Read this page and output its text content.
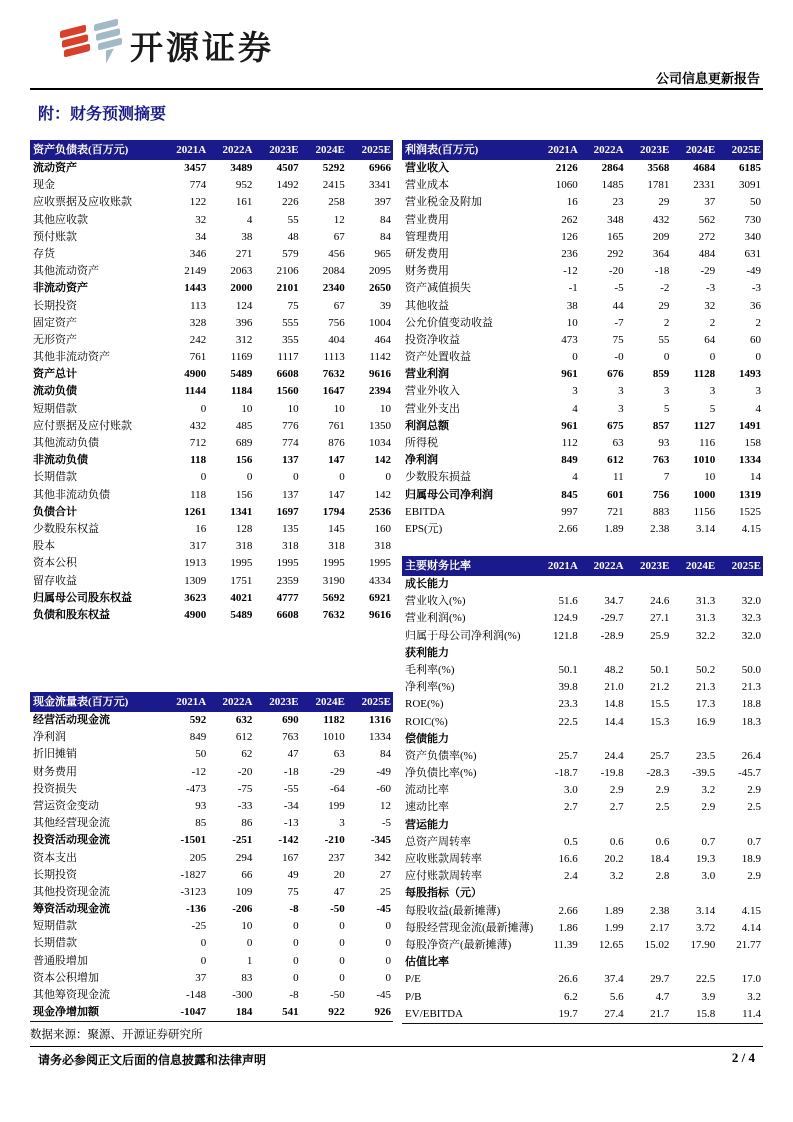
开源证券
公司信息更新报告
附：财务预测摘要
资产负债表(百万元)	2021A	2022A	2023E	2024E	2025E
流动资产	3457	3489	4507	5292	6966
现金	774	952	1492	2415	3341
应收票据及应收账款	122	161	226	258	397
其他应收款	32	4	55	12	84
预付账款	34	38	48	67	84
存货	346	271	579	456	965
其他流动资产	2149	2063	2106	2084	2095
非流动资产	1443	2000	2101	2340	2650
长期投资	113	124	75	67	39
固定资产	328	396	555	756	1004
无形资产	242	312	355	404	464
其他非流动资产	761	1169	1117	1113	1142
资产总计	4900	5489	6608	7632	9616
流动负债	1144	1184	1560	1647	2394
短期借款	0	10	10	10	10
应付票据及应付账款	432	485	776	761	1350
其他流动负债	712	689	774	876	1034
非流动负债	118	156	137	147	142
长期借款	0	0	0	0	0
其他非流动负债	118	156	137	147	142
负债合计	1261	1341	1697	1794	2536
少数股东权益	16	128	135	145	160
股本	317	318	318	318	318
资本公积	1913	1995	1995	1995	1995
留存收益	1309	1751	2359	3190	4334
归属母公司股东权益	3623	4021	4777	5692	6921
负债和股东权益	4900	5489	6608	7632	9616
利润表(百万元)	2021A	2022A	2023E	2024E	2025E
营业收入	2126	2864	3568	4684	6185
营业成本	1060	1485	1781	2331	3091
营业税金及附加	16	23	29	37	50
营业费用	262	348	432	562	730
管理费用	126	165	209	272	340
研发费用	236	292	364	484	631
财务费用	-12	-20	-18	-29	-49
资产减值损失	-1	-5	-2	-3	-3
其他收益	38	44	29	32	36
公允价值变动收益	10	-7	2	2	2
投资净收益	473	75	55	64	60
资产处置收益	0	-0	0	0	0
营业利润	961	676	859	1128	1493
营业外收入	3	3	3	3	3
营业外支出	4	3	5	5	4
利润总额	961	675	857	1127	1491
所得税	112	63	93	116	158
净利润	849	612	763	1010	1334
少数股东损益	4	11	7	10	14
归属母公司净利润	845	601	756	1000	1319
EBITDA	997	721	883	1156	1525
EPS(元)	2.66	1.89	2.38	3.14	4.15
主要财务比率	2021A	2022A	2023E	2024E	2025E
成长能力
营业收入(%)	51.6	34.7	24.6	31.3	32.0
营业利润(%)	124.9	-29.7	27.1	31.3	32.3
归属于母公司净利润(%)	121.8	-28.9	25.9	32.2	32.0
获利能力
毛利率(%)	50.1	48.2	50.1	50.2	50.0
净利率(%)	39.8	21.0	21.2	21.3	21.3
ROE(%)	23.3	14.8	15.5	17.3	18.8
ROIC(%)	22.5	14.4	15.3	16.9	18.3
偿债能力
资产负债率(%)	25.7	24.4	25.7	23.5	26.4
净负债比率(%)	-18.7	-19.8	-28.3	-39.5	-45.7
流动比率	3.0	2.9	2.9	3.2	2.9
速动比率	2.7	2.7	2.5	2.9	2.5
营运能力
总资产周转率	0.5	0.6	0.6	0.7	0.7
应收账款周转率	16.6	20.2	18.4	19.3	18.9
应付账款周转率	2.4	3.2	2.8	3.0	2.9
每股指标（元）
每股收益(最新摊薄)	2.66	1.89	2.38	3.14	4.15
每股经营现金流(最新摊薄)	1.86	1.99	2.17	3.72	4.14
每股净资产(最新摊薄)	11.39	12.65	15.02	17.90	21.77
估值比率
P/E	26.6	37.4	29.7	22.5	17.0
P/B	6.2	5.6	4.7	3.9	3.2
EV/EBITDA	19.7	27.4	21.7	15.8	11.4
现金流量表(百万元)	2021A	2022A	2023E	2024E	2025E
经营活动现金流	592	632	690	1182	1316
净利润	849	612	763	1010	1334
折旧摊销	50	62	47	63	84
财务费用	-12	-20	-18	-29	-49
投资损失	-473	-75	-55	-64	-60
营运资金变动	93	-33	-34	199	12
其他经营现金流	85	86	-13	3	-5
投资活动现金流	-1501	-251	-142	-210	-345
资本支出	205	294	167	237	342
长期投资	-1827	66	49	20	27
其他投资现金流	-3123	109	75	47	25
筹资活动现金流	-136	-206	-8	-50	-45
短期借款	-25	10	0	0	0
长期借款	0	0	0	0	0
普通股增加	0	1	0	0	0
资本公积增加	37	83	0	0	0
其他筹资现金流	-148	-300	-8	-50	-45
现金净增加额	-1047	184	541	922	926
数据来源：聚源、开源证券研究所
请务必参阅正文后面的信息披露和法律声明	2 / 4
